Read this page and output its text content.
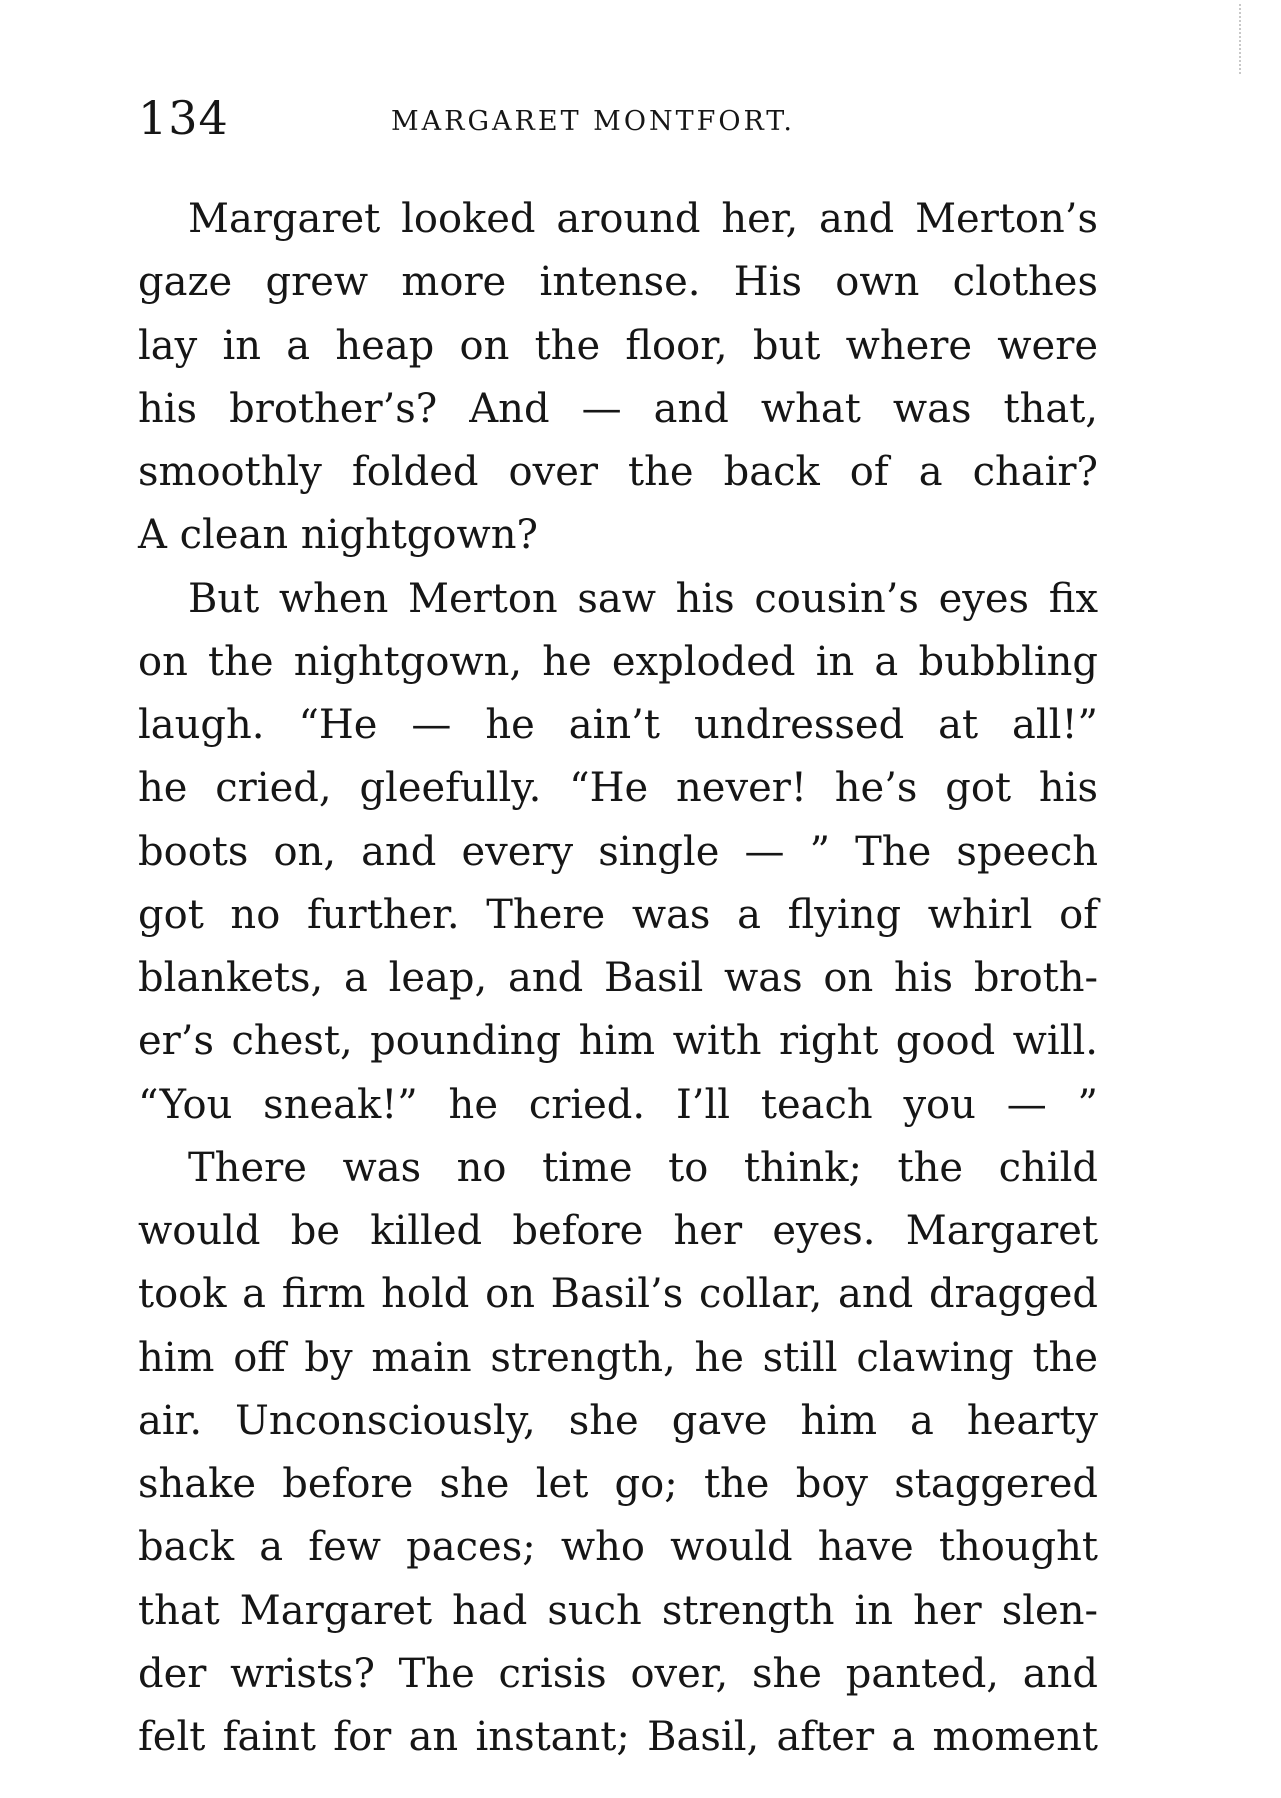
134	MARGARET MONTFORT.
Margaret looked around her, and Merton’s
gaze grew more intense. His own clothes
lay in a heap on the floor, but where were
his brother’s? And — and what was that,
smoothly folded over the back of a chair?
A clean nightgown?
But when Merton saw his cousin’s eyes fix
on the nightgown, he exploded in a bubbling
laugh. “He — he ain’t undressed at all!”
he cried, gleefully. “He never! he’s got his
boots on, and every single — ” The speech
got no further. There was a flying whirl of
blankets, a leap, and Basil was on his broth-
er’s chest, pounding him with right good will.
“You sneak!” he cried. I’ll teach you — ”
There was no time to think; the child
would be killed before her eyes. Margaret
took a firm hold on Basil’s collar, and dragged
him off by main strength, he still clawing the
air. Unconsciously, she gave him a hearty
shake before she let go; the boy staggered
back a few paces; who would have thought
that Margaret had such strength in her slen-
der wrists? The crisis over, she panted, and
felt faint for an instant; Basil, after a moment
